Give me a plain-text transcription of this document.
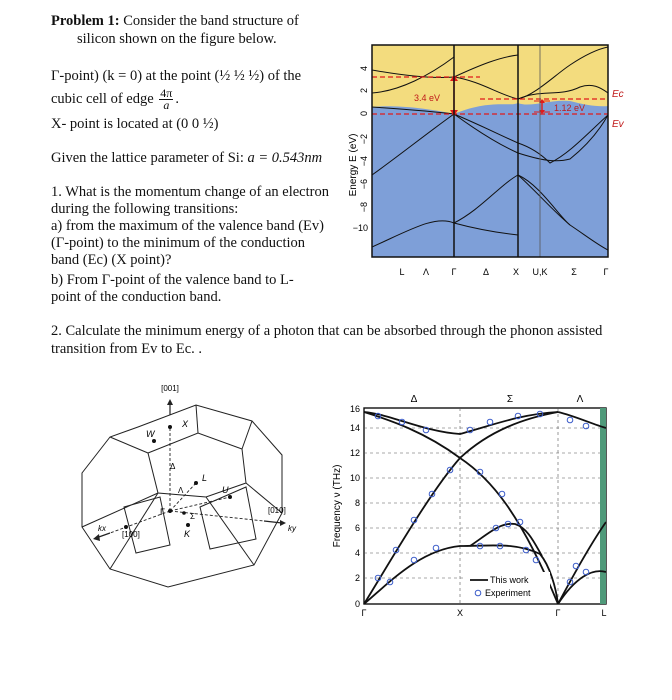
Problem 1: Consider the band structure of
silicon shown on the figure below.
Γ-point) (k = 0) at the point (½ ½ ½) of the
cubic cell of edge $\frac{4\pi}{a}$ .
X- point is located at (0 0 ½)
Given the lattice parameter of Si: a = 0.543nm
1. What is the momentum change of an electron
during the following transitions:
a) from the maximum of the valence band (Ev)
(Γ-point) to the minimum of the conduction
band (Ec) (X point)?
b) From Γ-point of the valence band to L-
point of the conduction band.
2. Calculate the minimum energy of a photon that can be absorbed through the phonon assisted
transition from Ev to Ec. .
3.4 eV
1.12 eV
Ec
Ev
4
2
0
−2
−4
−6
−8
−10
Energy E (eV)
L Λ	Γ	Δ	X U,K	Σ	Γ
[001]
[010]
[100]
X
W
Δ
L
Λ	U
Γ	Σ
K
kx	ky
0
2
4
6
8
10
12
14
16
Frequency ν (THz)
Δ	Σ	Λ
Γ	X	Γ	L
This work
Experiment
